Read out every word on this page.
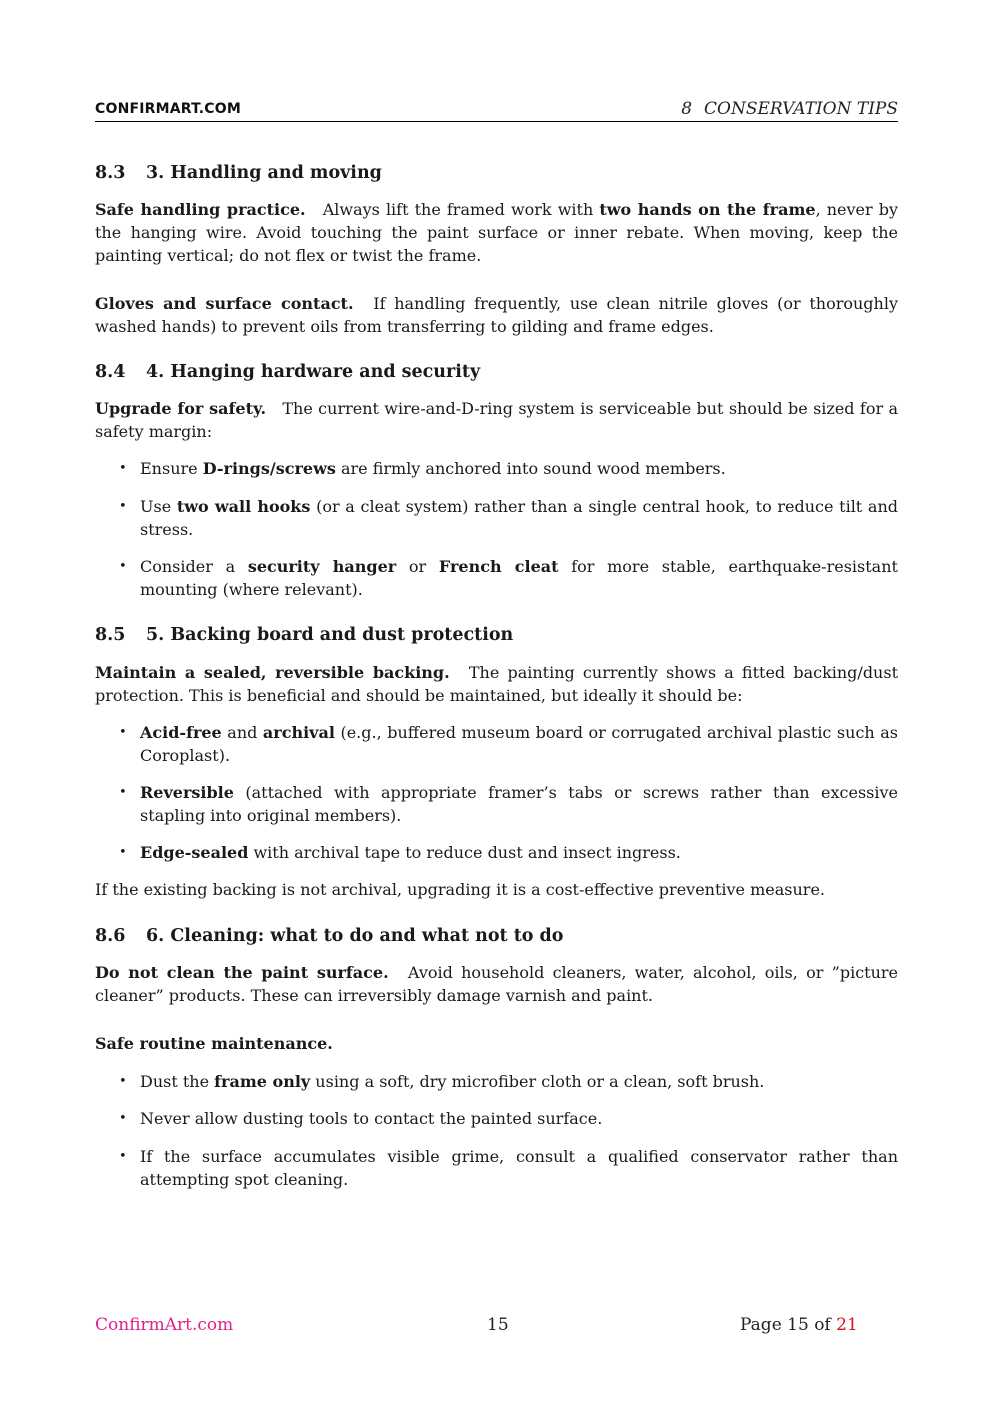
CONFIRMART.COM	8 CONSERVATION TIPS
8.3 3. Handling and moving

Safe handling practice. Always lift the framed work with two hands on the frame, never by the hanging wire. Avoid touching the paint surface or inner rebate. When moving, keep the painting vertical; do not flex or twist the frame.

Gloves and surface contact. If handling frequently, use clean nitrile gloves (or thoroughly washed hands) to prevent oils from transferring to gilding and frame edges.

8.4 4. Hanging hardware and security

Upgrade for safety. The current wire-and-D-ring system is serviceable but should be sized for a safety margin:

• Ensure D-rings/screws are firmly anchored into sound wood members.
• Use two wall hooks (or a cleat system) rather than a single central hook, to reduce tilt and stress.
• Consider a security hanger or French cleat for more stable, earthquake-resistant mounting (where relevant).
8.5 5. Backing board and dust protection

Maintain a sealed, reversible backing. The painting currently shows a fitted backing/dust protection. This is beneficial and should be maintained, but ideally it should be:

• Acid-free and archival (e.g., buffered museum board or corrugated archival plastic such as Coroplast).
• Reversible (attached with appropriate framer’s tabs or screws rather than excessive stapling into original members).
• Edge-sealed with archival tape to reduce dust and insect ingress.

If the existing backing is not archival, upgrading it is a cost-effective preventive measure.

8.6 6. Cleaning: what to do and what not to do

Do not clean the paint surface. Avoid household cleaners, water, alcohol, oils, or ”picture cleaner” products. These can irreversibly damage varnish and paint.

Safe routine maintenance.

• Dust the frame only using a soft, dry microfiber cloth or a clean, soft brush.
• Never allow dusting tools to contact the painted surface.
• If the surface accumulates visible grime, consult a qualified conservator rather than attempting spot cleaning.
ConfirmArt.com	15	Page 15 of 21
